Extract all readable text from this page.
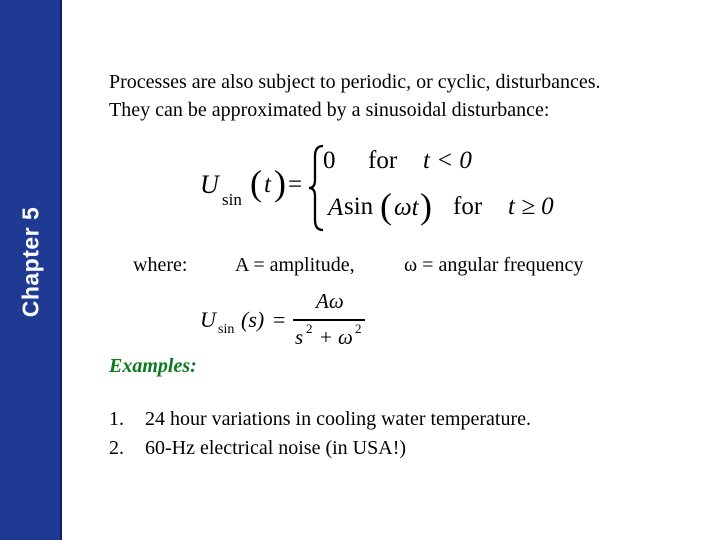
Chapter 5
Processes are also subject to periodic, or cyclic, disturbances.
They can be approximated by a sinusoidal disturbance:
U
sin ( t ) =
0 for t < 0
A sin ( ωt ) for t ≥ 0
where: A = amplitude, ω = angular frequency
U sin (s) =
Aω
s 2 + ω 2
Examples:
1. 24 hour variations in cooling water temperature.
2. 60-Hz electrical noise (in USA!)
